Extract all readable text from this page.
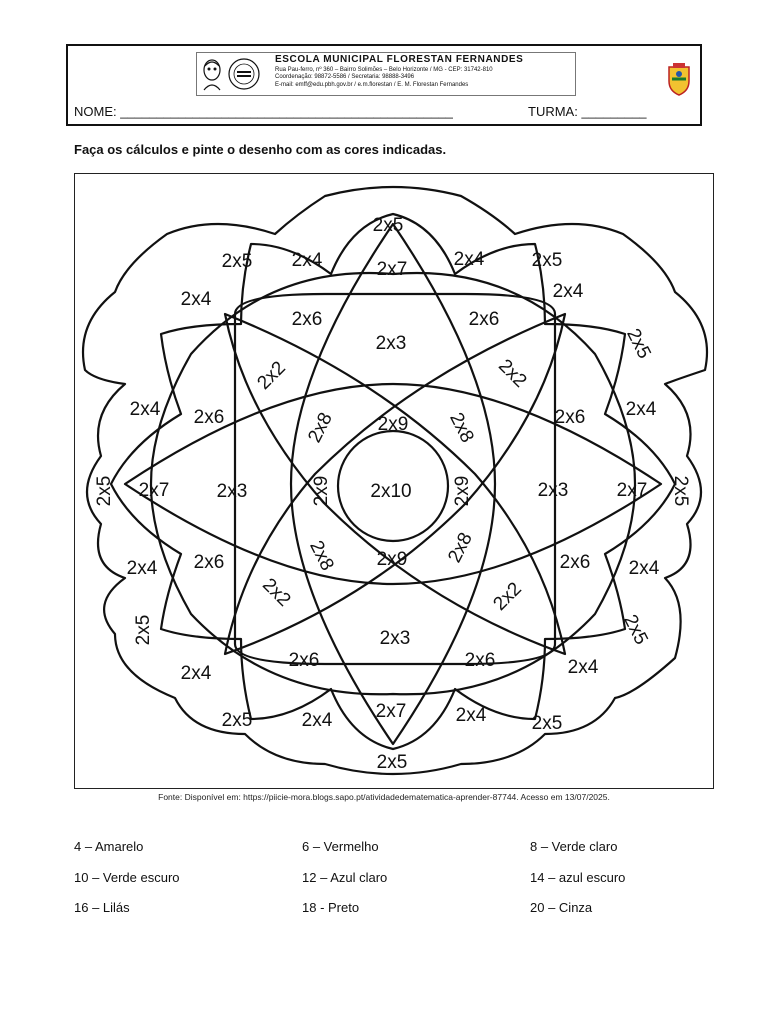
ESCOLA MUNICIPAL FLORESTAN FERNANDES
Rua Pau-ferro, nº 360 – Bairro Solimões – Belo Horizonte / MG - CEP: 31742-810
Coordenação: 98872-5586 / Secretaria: 98888-3496
E-mail: emff@edu.pbh.gov.br / e.m.florestan / E. M. Florestan Fernandes
NOME: ______________________________________________	TURMA: _________
Faça os cálculos e pinte o desenho com as cores indicadas.
2x5
2x4	2x7 2x4 2x5
2x5
2x4
2x6
2x3
2x6
2x4
2x5
2x2	2x2
2x4 2x6	2x8 2x9 2x8	2x6 2x4
2x5 2x7 2x3	2x9 2x10 2x9	2x3	2x7 2x5
2x4 2x6	2x8 2x9 2x8	2x6 2x4
2x2	2x2
2x5	2x5
2x3
2x6	2x6
2x4	2x4
2x5	2x4 2x7	2x4 2x5
2x5
Fonte: Disponível em: https://piicie-mora.blogs.sapo.pt/atividadedematematica-aprender-87744. Acesso em 13/07/2025.
4 – Amarelo	6 – Vermelho	8 – Verde claro
10 – Verde escuro	12 – Azul claro	14 – azul escuro
16 – Lilás	18 - Preto	20 – Cinza
